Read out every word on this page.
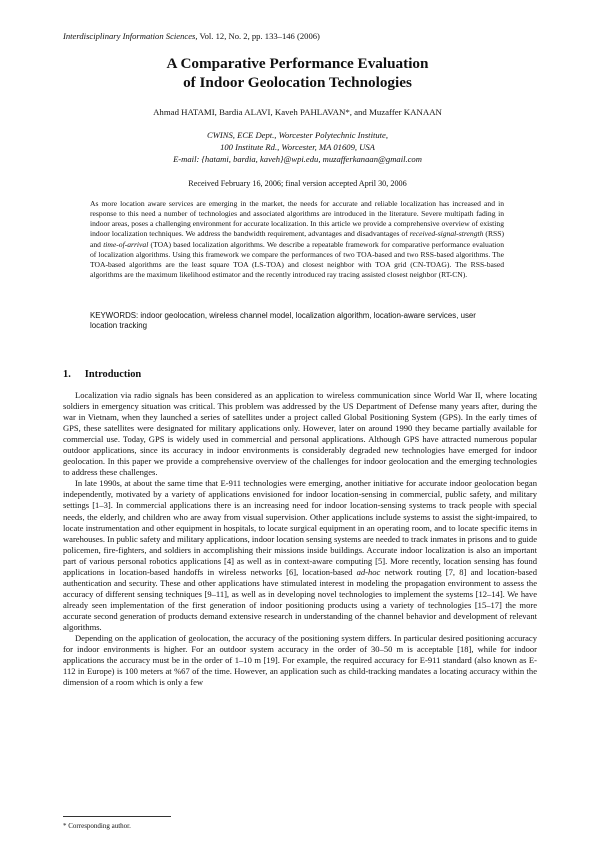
Interdisciplinary Information Sciences, Vol. 12, No. 2, pp. 133–146 (2006)
A Comparative Performance Evaluation
of Indoor Geolocation Technologies
Ahmad HATAMI, Bardia ALAVI, Kaveh PAHLAVAN*, and Muzaffer KANAAN
CWINS, ECE Dept., Worcester Polytechnic Institute,
100 Institute Rd., Worcester, MA 01609, USA
E-mail: {hatami, bardia, kaveh}@wpi.edu, muzafferkanaan@gmail.com
Received February 16, 2006; final version accepted April 30, 2006
As more location aware services are emerging in the market, the needs for accurate and reliable localization has increased and in response to this need a number of technologies and associated algorithms are introduced in the literature. Severe multipath fading in indoor areas, poses a challenging environment for accurate localization. In this article we provide a comprehensive overview of existing indoor localization techniques. We address the bandwidth requirement, advantages and disadvantages of received-signal-strength (RSS) and time-of-arrival (TOA) based localization algorithms. We describe a repeatable framework for comparative performance evaluation of localization algorithms. Using this framework we compare the performances of two TOA-based and two RSS-based algorithms. The TOA-based algorithms are the least square TOA (LS-TOA) and closest neighbor with TOA grid (CN-TOAG). The RSS-based algorithms are the maximum likelihood estimator and the recently introduced ray tracing assisted closest neighbor (RT-CN).
KEYWORDS: indoor geolocation, wireless channel model, localization algorithm, location-aware services, user location tracking
1. Introduction

Localization via radio signals has been considered as an application to wireless communication since World War II, where locating soldiers in emergency situation was critical. This problem was addressed by the US Department of Defense many years after, during the war in Vietnam, when they launched a series of satellites under a project called Global Positioning System (GPS). In the early times of GPS, these satellites were designated for military applications only. However, later on around 1990 they became partially available for commercial use. Today, GPS is widely used in commercial and personal applications. Although GPS have attracted numerous popular outdoor applications, since its accuracy in indoor environments is considerably degraded new technologies have emerged for indoor geolocation. In this paper we provide a comprehensive overview of the challenges for indoor geolocation and the emerging technologies to address these challenges.

In late 1990s, at about the same time that E-911 technologies were emerging, another initiative for accurate indoor geolocation began independently, motivated by a variety of applications envisioned for indoor location-sensing in commercial, public safety, and military settings [1–3]. In commercial applications there is an increasing need for indoor location-sensing systems to track people with special needs, the elderly, and children who are away from visual supervision. Other applications include systems to assist the sight-impaired, to locate instrumentation and other equipment in hospitals, to locate surgical equipment in an operating room, and to locate specific items in warehouses. In public safety and military applications, indoor location sensing systems are needed to track inmates in prisons and to guide policemen, fire-fighters, and soldiers in accomplishing their missions inside buildings. Accurate indoor localization is also an important part of various personal robotics applications [4] as well as in context-aware computing [5]. More recently, location sensing has found applications in location-based handoffs in wireless networks [6], location-based ad-hoc network routing [7, 8] and location-based authentication and security. These and other applications have stimulated interest in modeling the propagation environment to assess the accuracy of different sensing techniques [9–11], as well as in developing novel technologies to implement the systems [12–14]. We have already seen implementation of the first generation of indoor positioning products using a variety of technologies [15–17] the more accurate second generation of products demand extensive research in understanding of the channel behavior and development of relevant algorithms.

Depending on the application of geolocation, the accuracy of the positioning system differs. In particular desired positioning accuracy for indoor environments is higher. For an outdoor system accuracy in the order of 30–50 m is acceptable [18], while for indoor applications the accuracy must be in the order of 1–10 m [19]. For example, the required accuracy for E-911 standard (also known as E-112 in Europe) is 100 meters at %67 of the time. However, an application such as child-tracking mandates a locating accuracy within the dimension of a room which is only a few

* Corresponding author.
